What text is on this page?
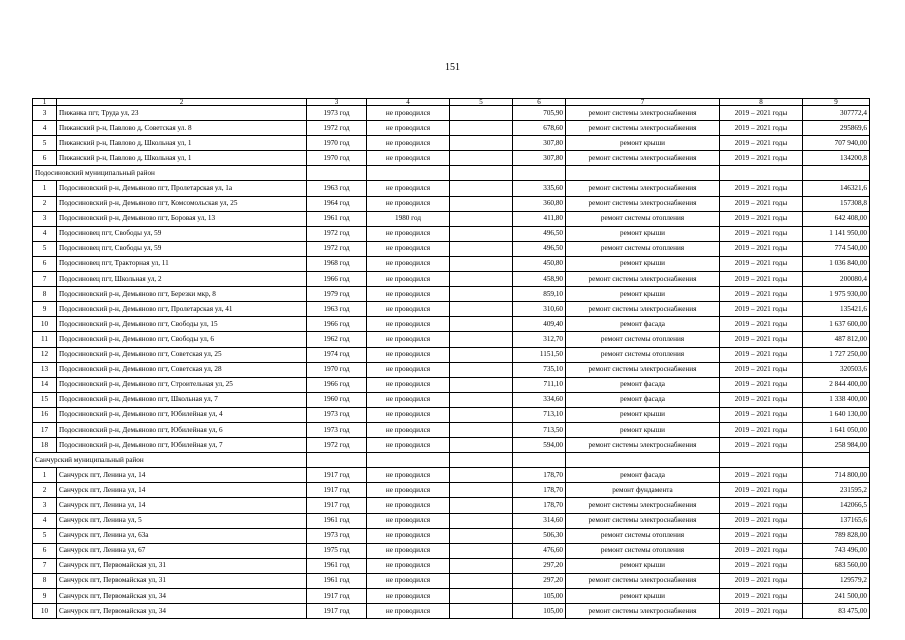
151
1	2	3	4	5	6	7	8	9
3	Пижанка пгт, Труда ул, 23	1973 год	не проводился		705,90	ремонт системы электроснабжения	2019 – 2021 годы	307772,4
4	Пижанский р-н, Павлово д, Советская ул. 8	1972 год	не проводился		678,60	ремонт системы электроснабжения	2019 – 2021 годы	295869,6
5	Пижанский р-н, Павлово д, Школьная ул, 1	1970 год	не проводился		307,80	ремонт крыши	2019 – 2021 годы	707 940,00
6	Пижанский р-н, Павлово д, Школьная ул, 1	1970 год	не проводился		307,80	ремонт системы электроснабжения	2019 – 2021 годы	134200,8
Подосиновский муниципальный район								
1	Подосиновский р-н, Демьяново пгт, Пролетарская ул, 1а	1963 год	не проводился		335,60	ремонт системы электроснабжения	2019 – 2021 годы	146321,6
2	Подосиновский р-н, Демьяново пгт, Комсомольская ул, 25	1964 год	не проводился		360,80	ремонт системы электроснабжения	2019 – 2021 годы	157308,8
3	Подосиновский р-н, Демьяново пгт, Боровая ул, 13	1961 год	1980 год		411,80	ремонт системы отопления	2019 – 2021 годы	642 408,00
4	Подосиновец пгт, Свободы ул, 59	1972 год	не проводился		496,50	ремонт крыши	2019 – 2021 годы	1 141 950,00
5	Подосиновец пгт, Свободы ул, 59	1972 год	не проводился		496,50	ремонт системы отопления	2019 – 2021 годы	774 540,00
6	Подосиновец пгт, Тракторная ул, 11	1968 год	не проводился		450,80	ремонт крыши	2019 – 2021 годы	1 036 840,00
7	Подосиновец пгт, Школьная ул, 2	1966 год	не проводился		458,90	ремонт системы электроснабжения	2019 – 2021 годы	200080,4
8	Подосиновский р-н, Демьяново пгт, Березки мкр, 8	1979 год	не проводился		859,10	ремонт крыши	2019 – 2021 годы	1 975 930,00
9	Подосиновский р-н, Демьяново пгт, Пролетарская ул, 41	1963 год	не проводился		310,60	ремонт системы электроснабжения	2019 – 2021 годы	135421,6
10	Подосиновский р-н, Демьяново пгт, Свободы ул, 15	1966 год	не проводился		409,40	ремонт фасада	2019 – 2021 годы	1 637 600,00
11	Подосиновский р-н, Демьяново пгт, Свободы ул, 6	1962 год	не проводился		312,70	ремонт системы отопления	2019 – 2021 годы	487 812,00
12	Подосиновский р-н, Демьяново пгт, Советская ул, 25	1974 год	не проводился		1151,50	ремонт системы отопления	2019 – 2021 годы	1 727 250,00
13	Подосиновский р-н, Демьяново пгт, Советская ул, 28	1970 год	не проводился		735,10	ремонт системы электроснабжения	2019 – 2021 годы	320503,6
14	Подосиновский р-н, Демьяново пгт, Строительная ул, 25	1966 год	не проводился		711,10	ремонт фасада	2019 – 2021 годы	2 844 400,00
15	Подосиновский р-н, Демьяново пгт, Школьная ул, 7	1960 год	не проводился		334,60	ремонт фасада	2019 – 2021 годы	1 338 400,00
16	Подосиновский р-н, Демьяново пгт, Юбилейная ул, 4	1973 год	не проводился		713,10	ремонт крыши	2019 – 2021 годы	1 640 130,00
17	Подосиновский р-н, Демьяново пгт, Юбилейная ул, 6	1973 год	не проводился		713,50	ремонт крыши	2019 – 2021 годы	1 641 050,00
18	Подосиновский р-н, Демьяново пгт, Юбилейная ул, 7	1972 год	не проводился		594,00	ремонт системы электроснабжения	2019 – 2021 годы	258 984,00
Санчурский муниципальный район								
1	Санчурск пгт, Ленина ул, 14	1917 год	не проводился		178,70	ремонт фасада	2019 – 2021 годы	714 800,00
2	Санчурск пгт, Ленина ул, 14	1917 год	не проводился		178,70	ремонт фундамента	2019 – 2021 годы	231595,2
3	Санчурск пгт, Ленина ул, 14	1917 год	не проводился		178,70	ремонт системы электроснабжения	2019 – 2021 годы	142066,5
4	Санчурск пгт, Ленина ул, 5	1961 год	не проводился		314,60	ремонт системы электроснабжения	2019 – 2021 годы	137165,6
5	Санчурск пгт, Ленина ул, 63а	1973 год	не проводился		506,30	ремонт системы отопления	2019 – 2021 годы	789 828,00
6	Санчурск пгт, Ленина ул, 67	1975 год	не проводился		476,60	ремонт системы отопления	2019 – 2021 годы	743 496,00
7	Санчурск пгт, Первомайская ул, 31	1961 год	не проводился		297,20	ремонт крыши	2019 – 2021 годы	683 560,00
8	Санчурск пгт, Первомайская ул, 31	1961 год	не проводился		297,20	ремонт системы электроснабжения	2019 – 2021 годы	129579,2
9	Санчурск пгт, Первомайская ул, 34	1917 год	не проводился		105,00	ремонт крыши	2019 – 2021 годы	241 500,00
10	Санчурск пгт, Первомайская ул, 34	1917 год	не проводился		105,00	ремонт системы электроснабжения	2019 – 2021 годы	83 475,00
